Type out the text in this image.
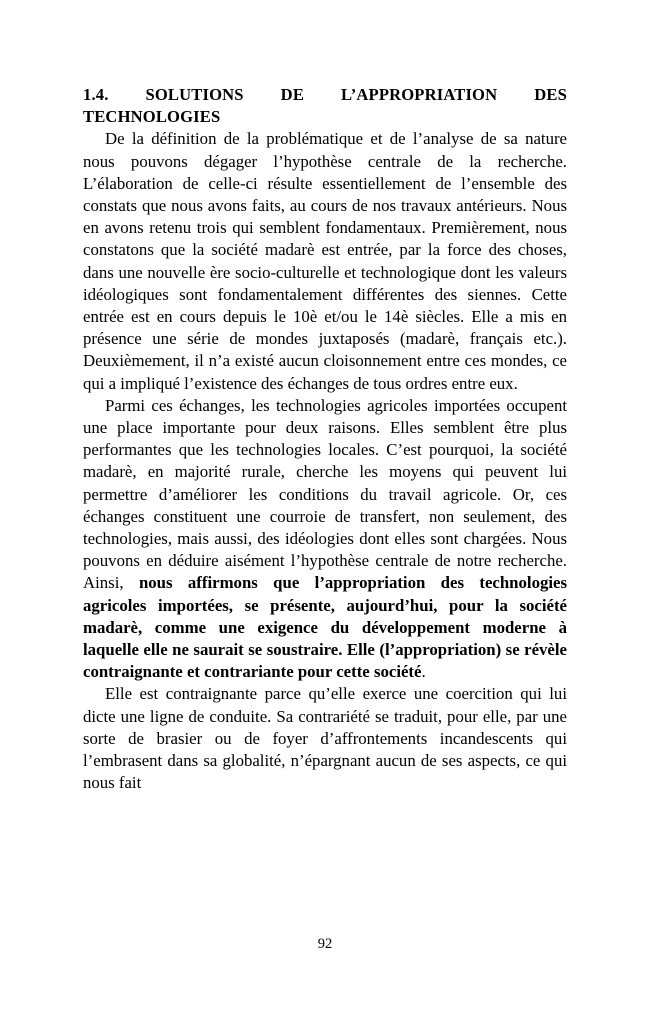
1.4. SOLUTIONS DE L’APPROPRIATION DES TECHNOLOGIES

De la définition de la problématique et de l’analyse de sa nature nous pouvons dégager l’hypothèse centrale de la recherche. L’élaboration de celle-ci résulte essentiellement de l’ensemble des constats que nous avons faits, au cours de nos travaux antérieurs. Nous en avons retenu trois qui semblent fondamentaux. Premièrement, nous constatons que la société madarè est entrée, par la force des choses, dans une nouvelle ère socio-culturelle et technologique dont les valeurs idéologiques sont fondamentalement différentes des siennes. Cette entrée est en cours depuis le 10è et/ou le 14è siècles. Elle a mis en présence une série de mondes juxtaposés (madarè, français etc.). Deuxièmement, il n’a existé aucun cloisonnement entre ces mondes, ce qui a impliqué l’existence des échanges de tous ordres entre eux.

Parmi ces échanges, les technologies agricoles importées occupent une place importante pour deux raisons. Elles semblent être plus performantes que les technologies locales. C’est pourquoi, la société madarè, en majorité rurale, cherche les moyens qui peuvent lui permettre d’améliorer les conditions du travail agricole. Or, ces échanges constituent une courroie de transfert, non seulement, des technologies, mais aussi, des idéologies dont elles sont chargées. Nous pouvons en déduire aisément l’hypothèse centrale de notre recherche. Ainsi, nous affirmons que l’appropriation des technologies agricoles importées, se présente, aujourd’hui, pour la société madarè, comme une exigence du développement moderne à laquelle elle ne saurait se soustraire. Elle (l’appropriation) se révèle contraignante et contrariante pour cette société.

Elle est contraignante parce qu’elle exerce une coercition qui lui dicte une ligne de conduite. Sa contrariété se traduit, pour elle, par une sorte de brasier ou de foyer d’affrontements incandescents qui l’embrasent dans sa globalité, n’épargnant aucun de ses aspects, ce qui nous fait

92
